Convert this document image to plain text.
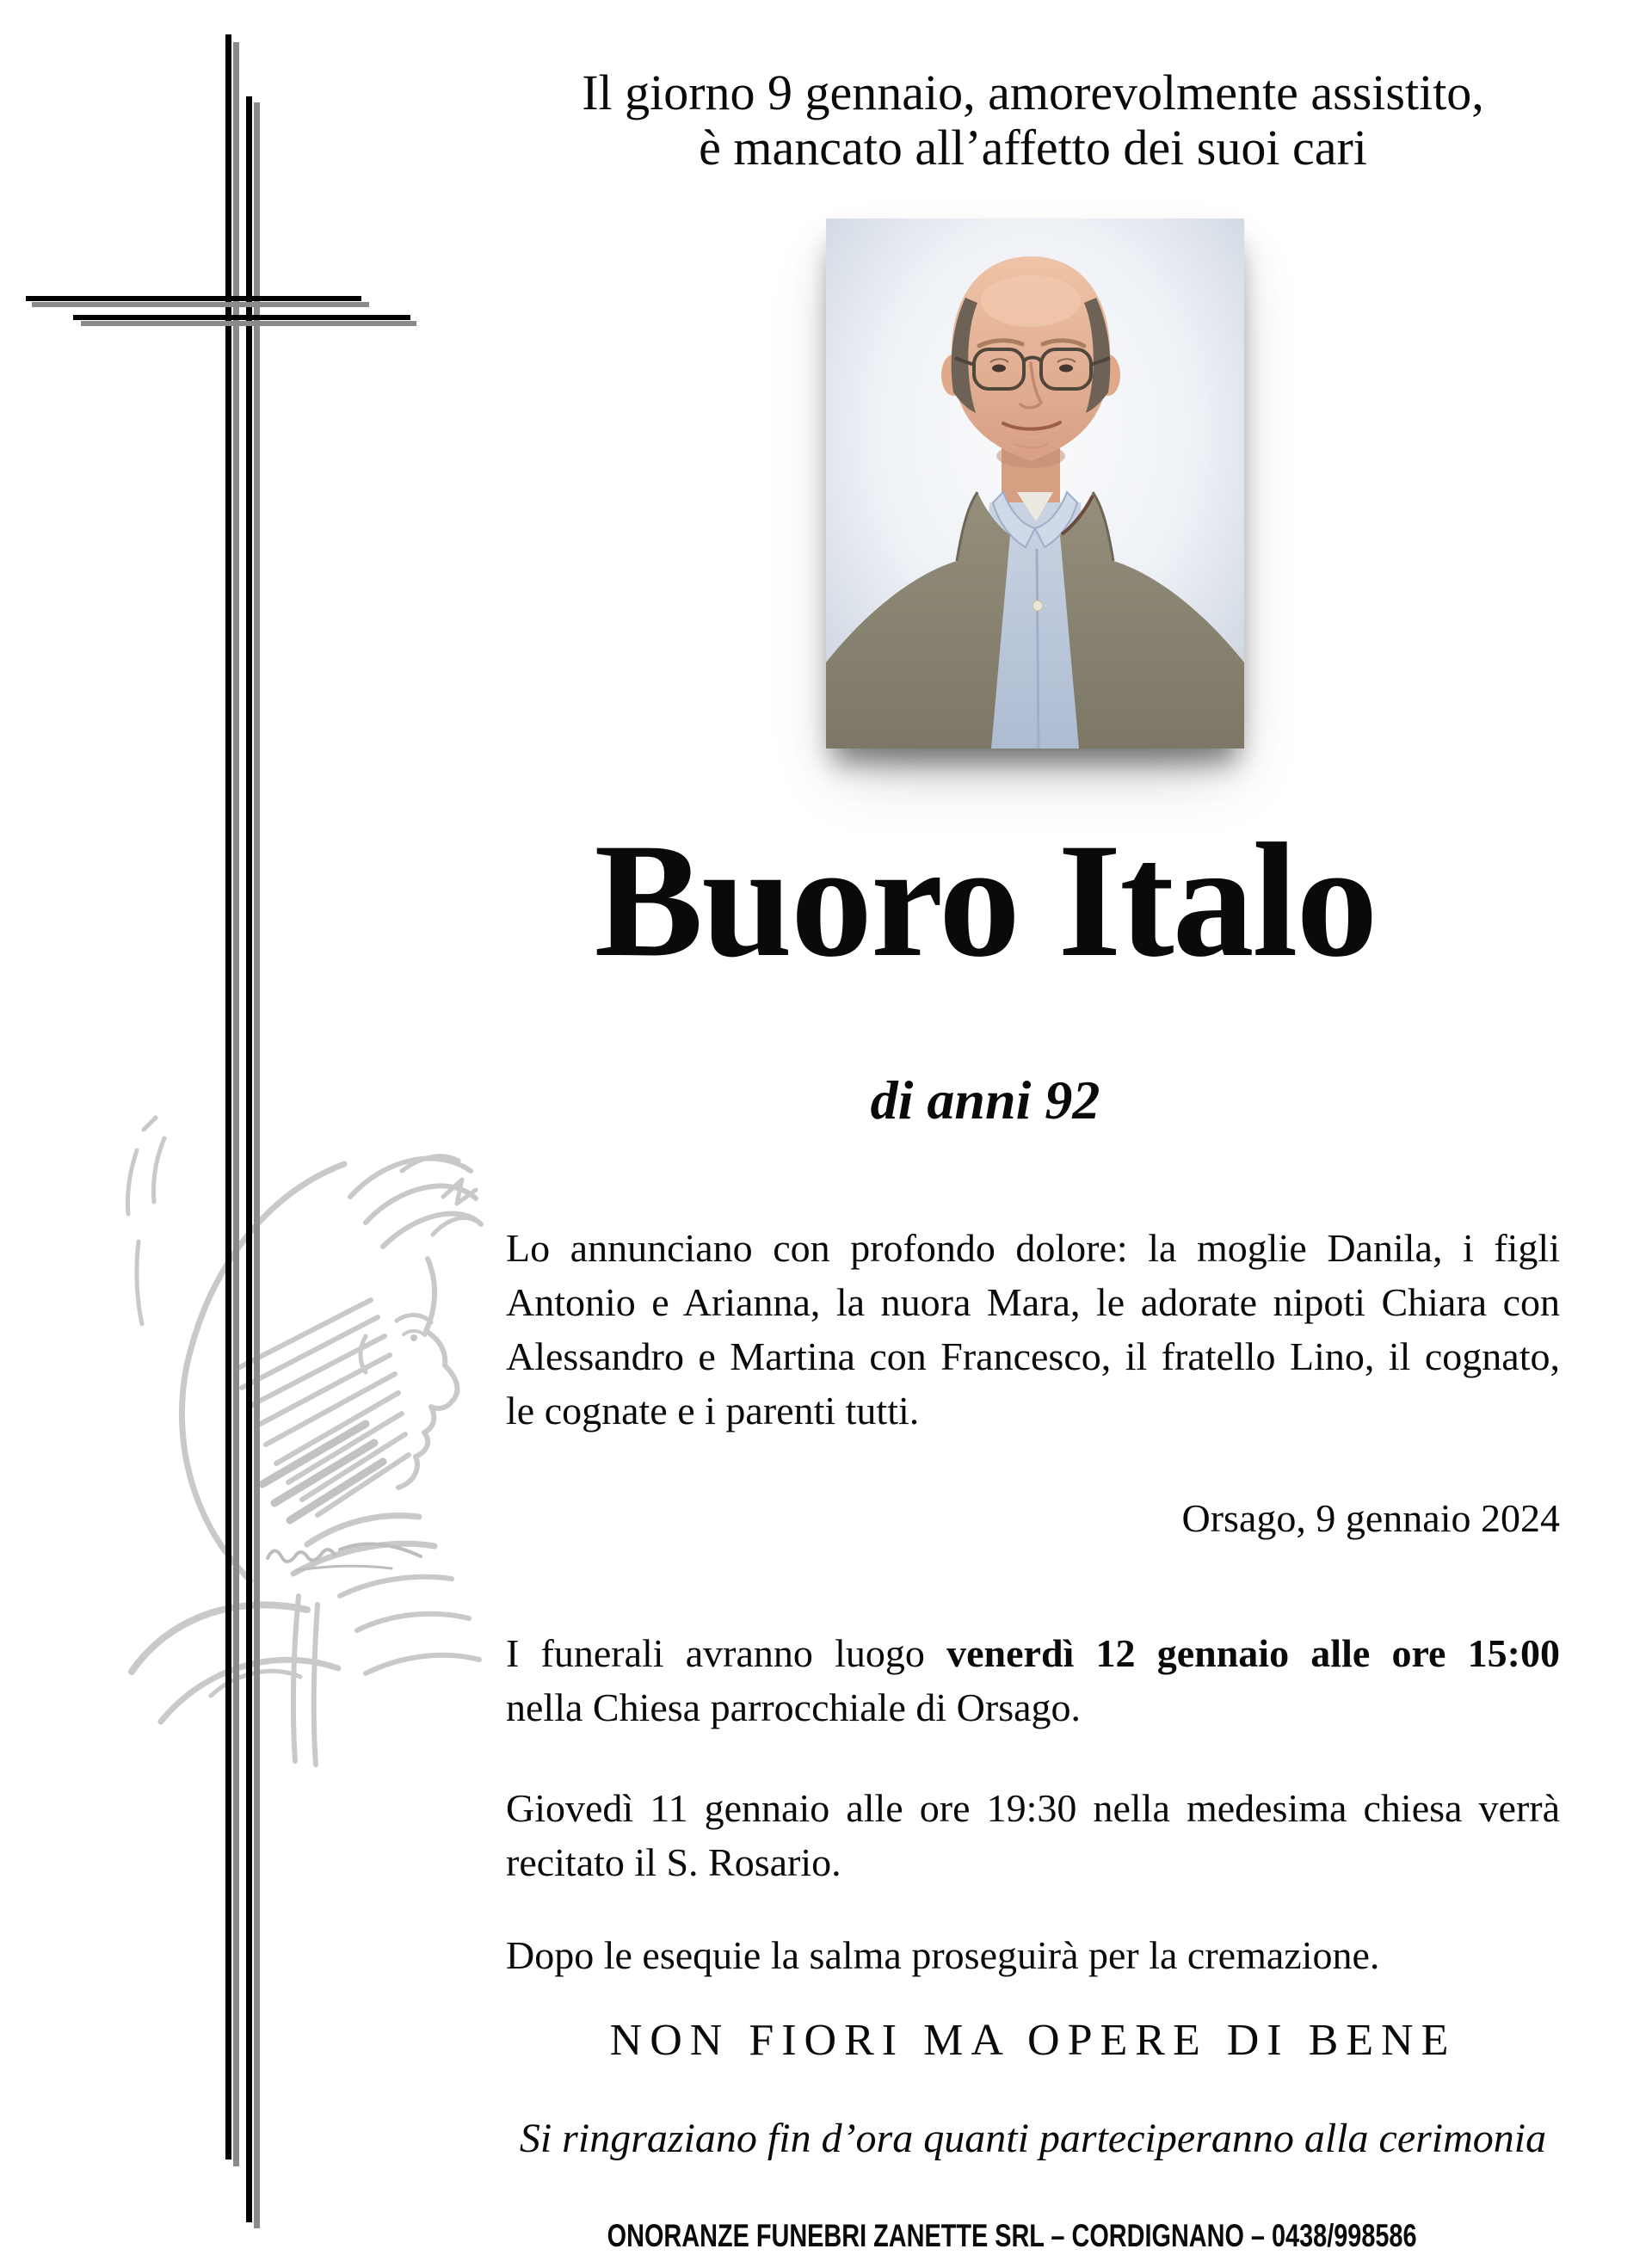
Il giorno 9 gennaio, amorevolmente assistito,
è mancato all’affetto dei suoi cari
Buoro Italo
di anni 92
Lo annunciano con profondo dolore: la moglie Danila, i figli
Antonio e Arianna, la nuora Mara, le adorate nipoti Chiara con
Alessandro e Martina con Francesco, il fratello Lino, il cognato,
le cognate e i parenti tutti.
Orsago, 9 gennaio 2024
I funerali avranno luogo venerdì 12 gennaio alle ore 15:00
nella Chiesa parrocchiale di Orsago.
Giovedì 11 gennaio alle ore 19:30 nella medesima chiesa verrà
recitato il S. Rosario.
Dopo le esequie la salma proseguirà per la cremazione.
NON FIORI MA OPERE DI BENE
Si ringraziano fin d’ora quanti parteciperanno alla cerimonia
ONORANZE FUNEBRI ZANETTE SRL – CORDIGNANO – 0438/998586
